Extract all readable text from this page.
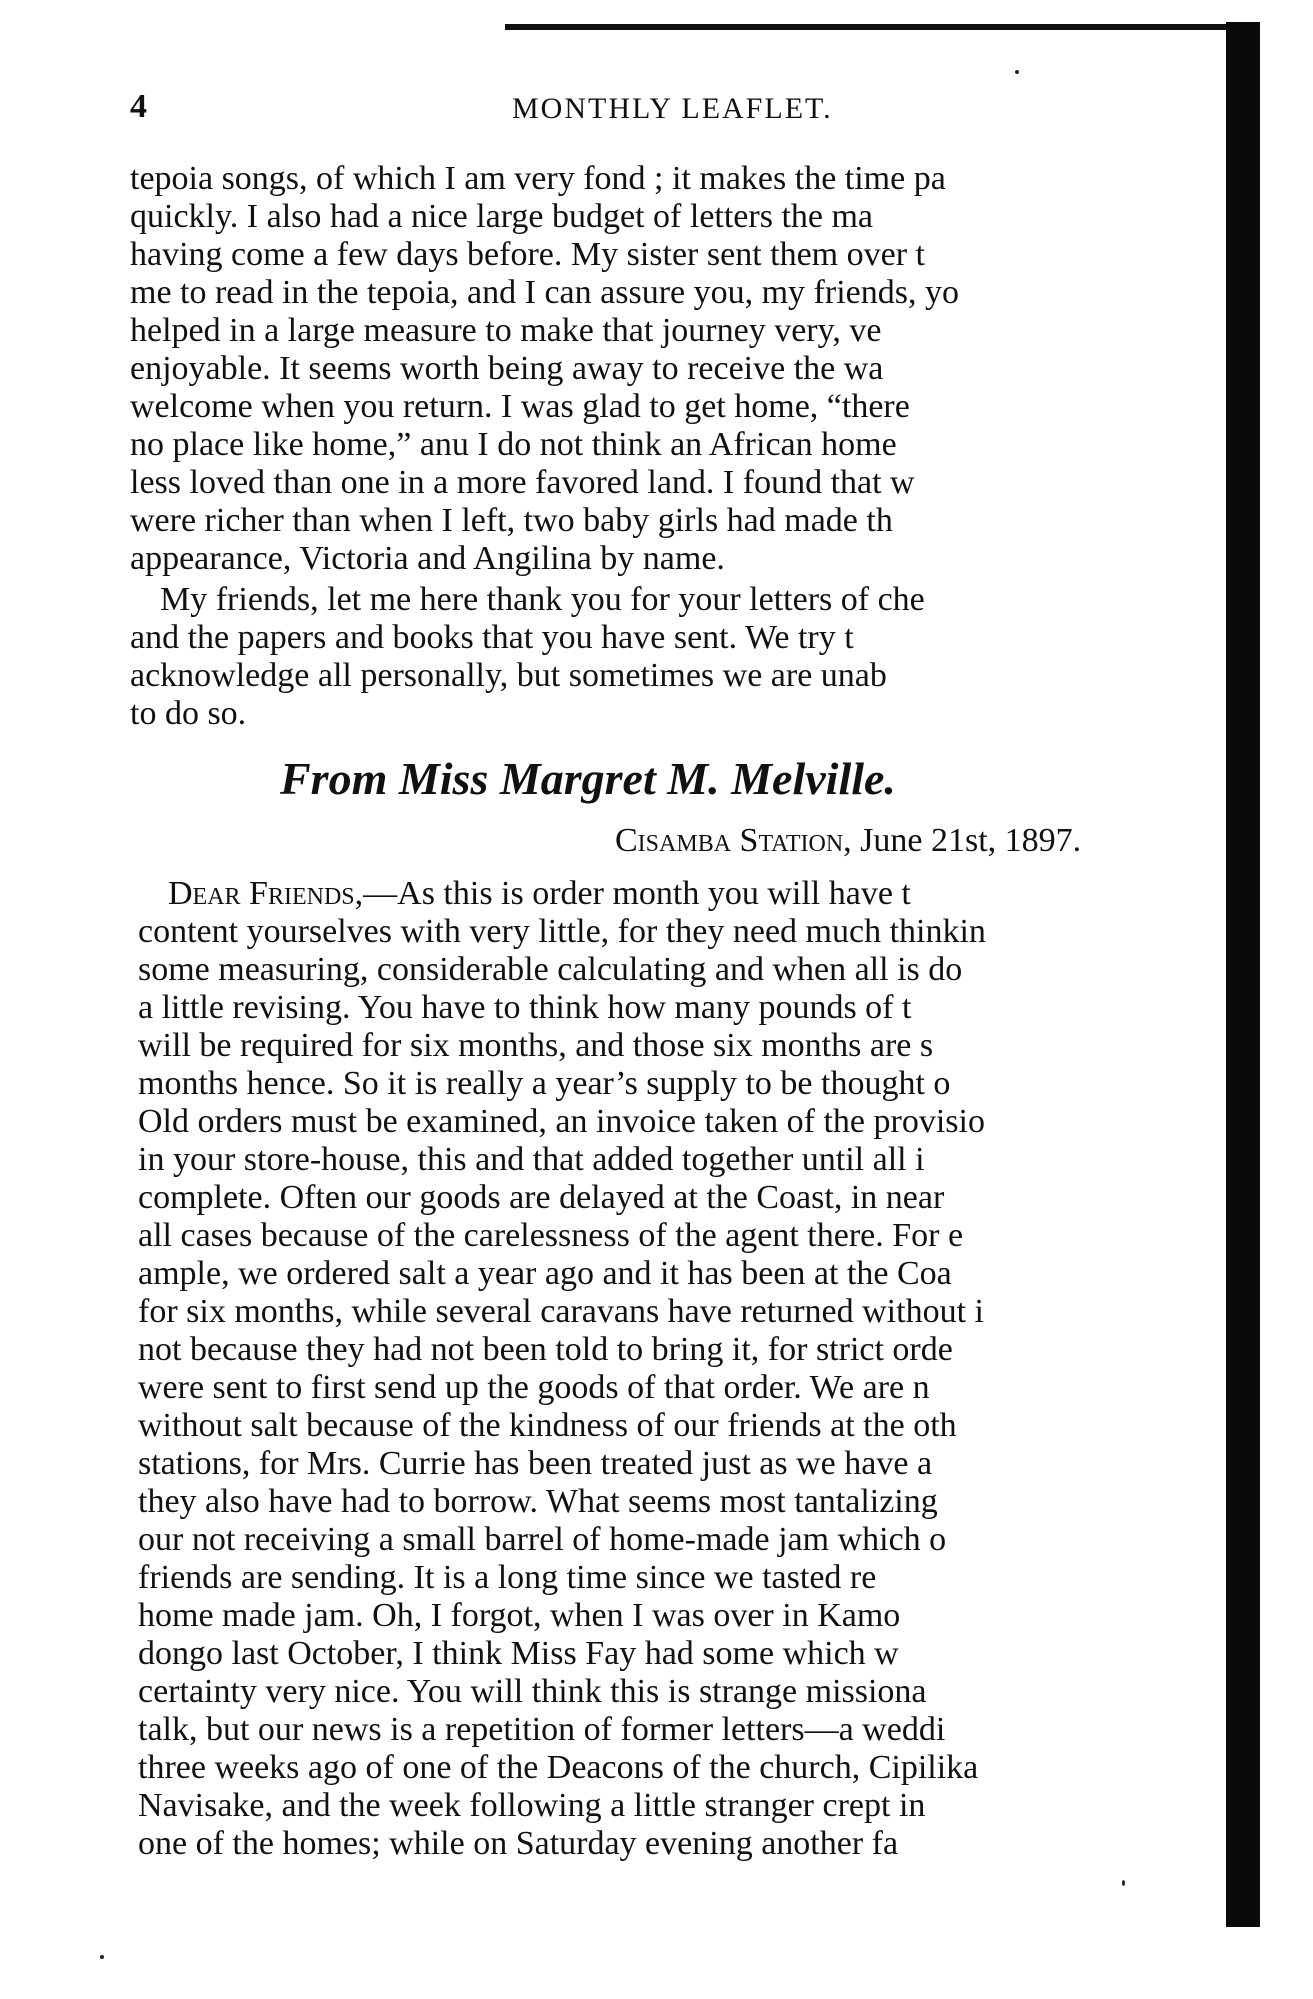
4	MONTHLY LEAFLET.
tepoia songs, of which I am very fond ; it makes the time pa
quickly. I also had a nice large budget of letters the ma
having come a few days before. My sister sent them over t
me to read in the tepoia, and I can assure you, my friends, yo
helped in a large measure to make that journey very, ve
enjoyable. It seems worth being away to receive the wa
welcome when you return. I was glad to get home, “there
no place like home,” anu I do not think an African home
less loved than one in a more favored land. I found that w
were richer than when I left, two baby girls had made th
appearance, Victoria and Angilina by name.
My friends, let me here thank you for your letters of che
and the papers and books that you have sent. We try t
acknowledge all personally, but sometimes we are unab
to do so.
From Miss Margret M. Melville.
Cisamba Station, June 21st, 1897.
Dear Friends,—As this is order month you will have t
content yourselves with very little, for they need much thinkin
some measuring, considerable calculating and when all is do
a little revising. You have to think how many pounds of t
will be required for six months, and those six months are s
months hence. So it is really a year’s supply to be thought o
Old orders must be examined, an invoice taken of the provisio
in your store-house, this and that added together until all i
complete. Often our goods are delayed at the Coast, in near
all cases because of the carelessness of the agent there. For e
ample, we ordered salt a year ago and it has been at the Coa
for six months, while several caravans have returned without i
not because they had not been told to bring it, for strict orde
were sent to first send up the goods of that order. We are n
without salt because of the kindness of our friends at the oth
stations, for Mrs. Currie has been treated just as we have a
they also have had to borrow. What seems most tantalizing
our not receiving a small barrel of home-made jam which o
friends are sending. It is a long time since we tasted re
home made jam. Oh, I forgot, when I was over in Kamo
dongo last October, I think Miss Fay had some which w
certainty very nice. You will think this is strange missiona
talk, but our news is a repetition of former letters—a weddi
three weeks ago of one of the Deacons of the church, Cipilika
Navisake, and the week following a little stranger crept in
one of the homes; while on Saturday evening another fa
